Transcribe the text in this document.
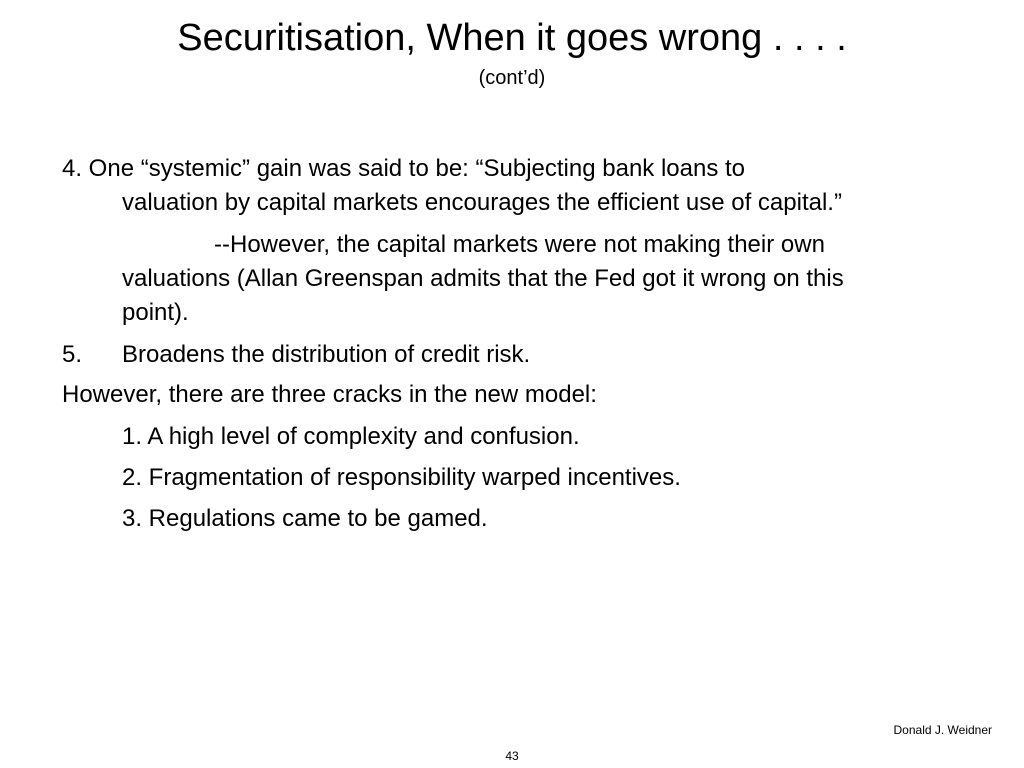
Securitisation, When it goes wrong . . . .
(cont’d)
4. One “systemic” gain was said to be: “Subjecting bank loans to
valuation by capital markets encourages the efficient use of capital.”
--However, the capital markets were not making their own
valuations (Allan Greenspan admits that the Fed got it wrong on this
point).
5. Broadens the distribution of credit risk.
However, there are three cracks in the new model:
1. A high level of complexity and confusion.
2. Fragmentation of responsibility warped incentives.
3. Regulations came to be gamed.
Donald J. Weidner
43
